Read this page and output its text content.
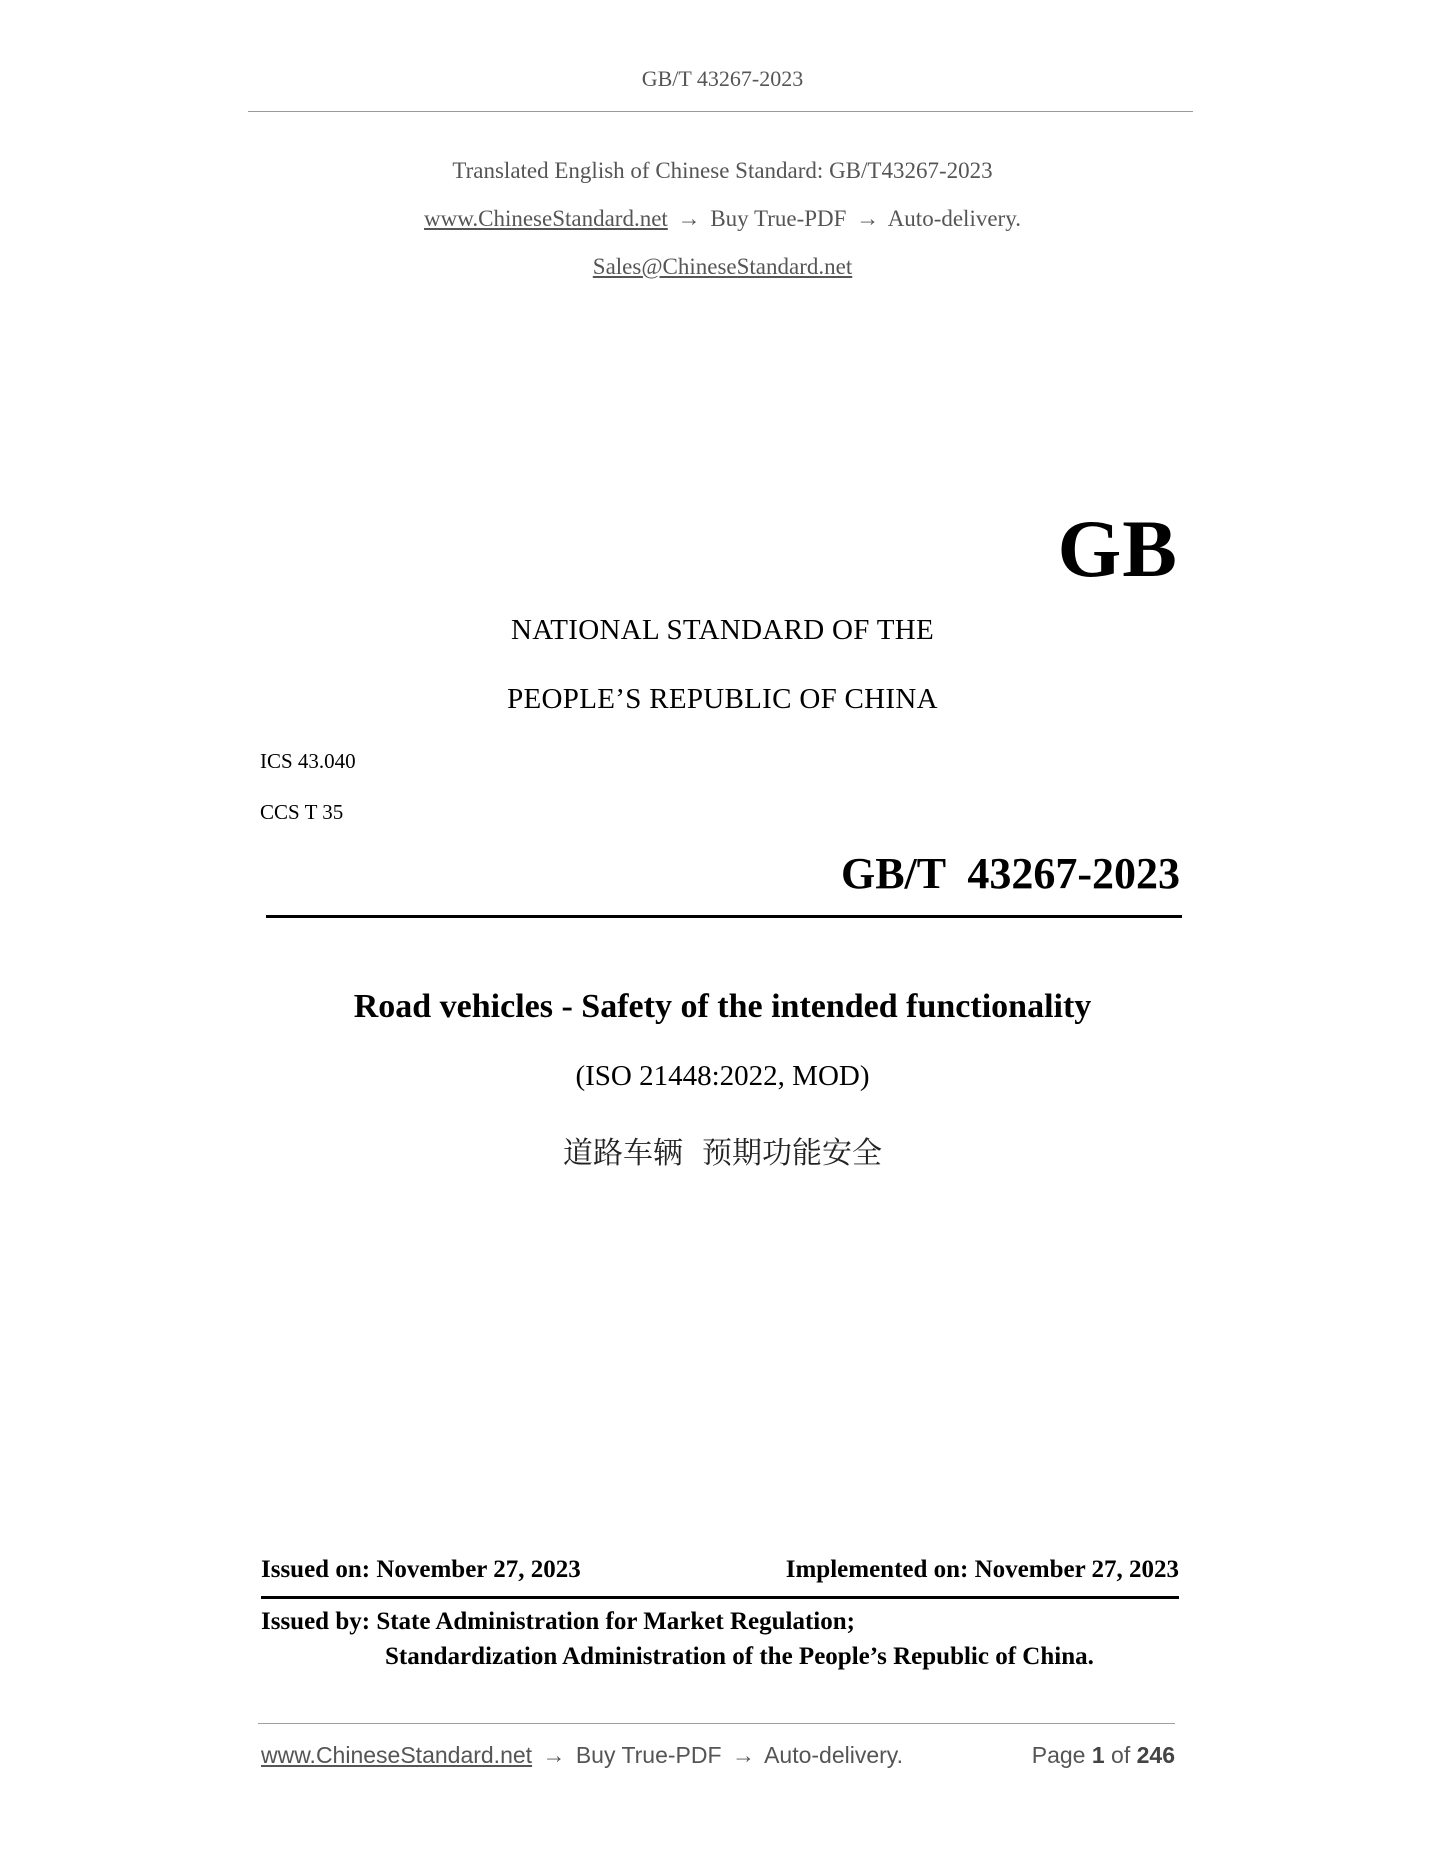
GB/T 43267-2023
Translated English of Chinese Standard: GB/T43267-2023
www.ChineseStandard.net → Buy True-PDF → Auto-delivery.
Sales@ChineseStandard.net
GB
NATIONAL STANDARD OF THE
PEOPLE’S REPUBLIC OF CHINA
ICS 43.040
CCS T 35
GB/T  43267-2023
Road vehicles - Safety of the intended functionality
(ISO 21448:2022, MOD)
道路车辆  预期功能安全
Issued on: November 27, 2023	Implemented on: November 27, 2023
Issued by: State Administration for Market Regulation;
Standardization Administration of the People’s Republic of China.
www.ChineseStandard.net → Buy True-PDF → Auto-delivery.	Page 1 of 246
